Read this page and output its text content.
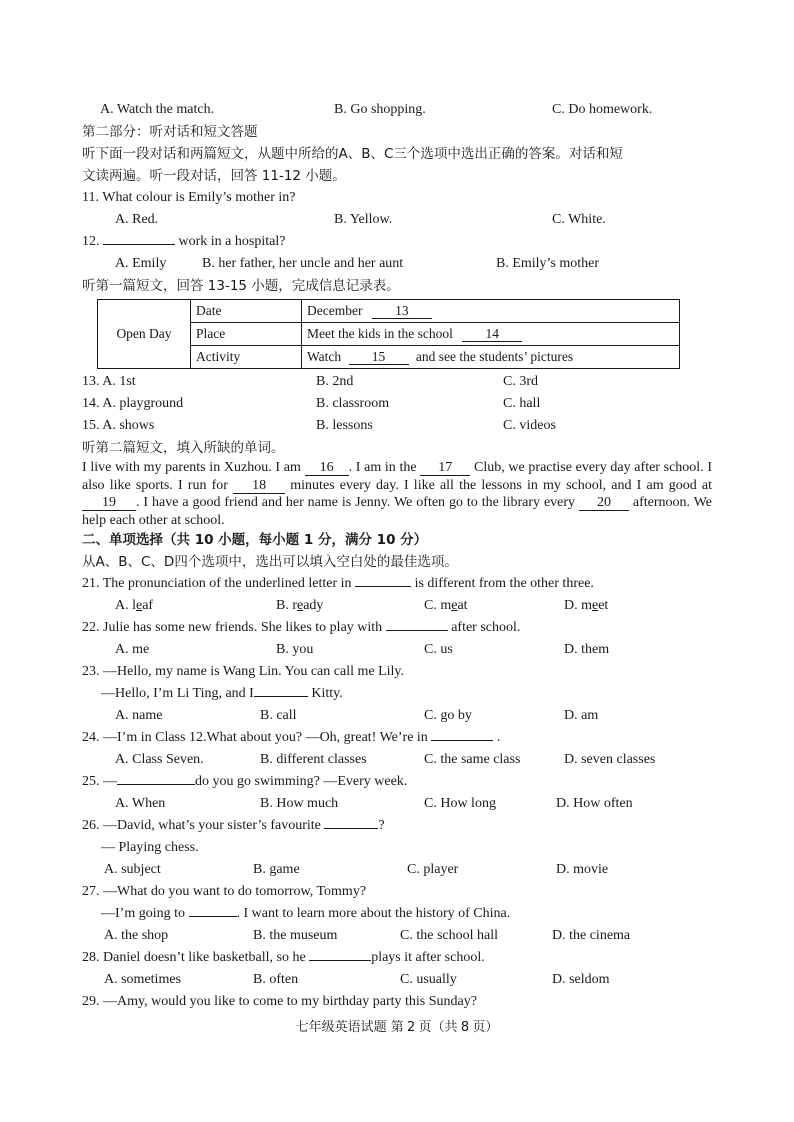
A. Watch the match.	B. Go shopping.	C. Do homework.
第二部分：听对话和短文答题
听下面一段对话和两篇短文，从题中所给的A、B、C三个选项中选出正确的答案。对话和短
文读两遍。听一段对话，回答 11-12 小题。
11. What colour is Emily’s mother in?
A. Red.	B. Yellow.	C. White.
12.	work in a hospital?
A. Emily	B. her father, her uncle and her aunt	B. Emily’s mother
听第一篇短文，回答 13-15 小题，完成信息记录表。
Open Day	Date	December 13
	Place	Meet the kids in the school 14
	Activity	Watch 15 and see the students’ pictures
13. A. 1st	B. 2nd	C. 3rd
14. A. playground	B. classroom	C. hall
15. A. shows	B. lessons	C. videos
听第二篇短文，填入所缺的单词。

I live with my parents in Xuzhou. I am 16 . I am in the 17 Club, we practise every day after school. I also like sports. I run for 18 minutes every day. I like all the lessons in my school, and I am good at 19 . I have a good friend and her name is Jenny. We often go to the library every 20 afternoon. We help each other at school.

二、单项选择（共 10 小题，每小题 1 分，满分 10 分）
从A、B、C、D四个选项中，选出可以填入空白处的最佳选项。
21. The pronunciation of the underlined letter in	is different from the other three.
A. leaf	B. ready	C. meat	D. meet
22. Julie has some new friends. She likes to play with	after school.
A. me	B. you	C. us	D. them
23. —Hello, my name is Wang Lin. You can call me Lily.
—Hello, I’m Li Ting, and I	Kitty.
A. name	B. call	C. go by	D. am
24. —I’m in Class 12.What about you? —Oh, great! We’re in	.
A. Class Seven.	B. different classes	C. the same class	D. seven classes
25. —	do you go swimming? —Every week.
A. When	B. How much	C. How long	D. How often
26. —David, what’s your sister’s favourite	?
— Playing chess.
A. subject	B. game	C. player	D. movie
27. —What do you want to do tomorrow, Tommy?
—I’m going to	. I want to learn more about the history of China.
A. the shop	B. the museum	C. the school hall	D. the cinema
28. Daniel doesn’t like basketball, so he	plays it after school.
A. sometimes	B. often	C. usually	D. seldom
29. —Amy, would you like to come to my birthday party this Sunday?
七年级英语试题 第 2 页（共 8 页）
